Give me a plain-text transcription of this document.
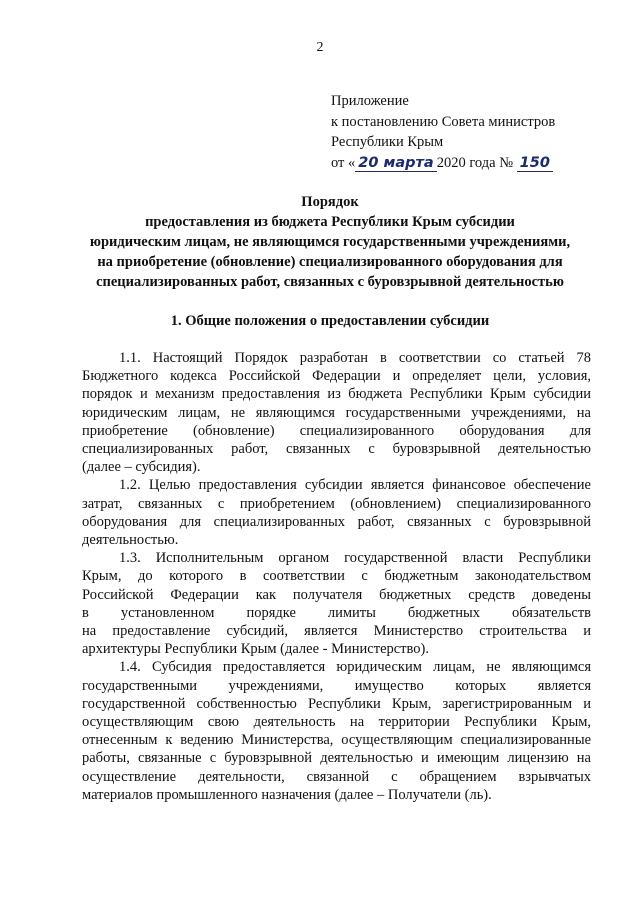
2
Приложение
к постановлению Совета министров
Республики Крым
от « 20 марта 2020 года № 150
Порядок
предоставления из бюджета Республики Крым субсидии
юридическим лицам, не являющимся государственными учреждениями,
на приобретение (обновление) специализированного оборудования для
специализированных работ, связанных с буровзрывной деятельностью
1. Общие положения о предоставлении субсидии
1.1. Настоящий Порядок разработан в соответствии со статьей 78
Бюджетного кодекса Российской Федерации и определяет цели, условия,
порядок и механизм предоставления из бюджета Республики Крым субсидии
юридическим лицам, не являющимся государственными учреждениями, на
приобретение (обновление) специализированного оборудования для
специализированных работ, связанных с буровзрывной деятельностью
(далее – субсидия).
1.2. Целью предоставления субсидии является финансовое обеспечение
затрат, связанных с приобретением (обновлением) специализированного
оборудования для специализированных работ, связанных с буровзрывной
деятельностью.
1.3. Исполнительным органом государственной власти Республики
Крым, до которого в соответствии с бюджетным законодательством
Российской Федерации как получателя бюджетных средств доведены
в установленном порядке лимиты бюджетных обязательств
на предоставление субсидий, является Министерство строительства и
архитектуры Республики Крым (далее - Министерство).
1.4. Субсидия предоставляется юридическим лицам, не являющимся
государственными учреждениями, имущество которых является
государственной собственностью Республики Крым, зарегистрированным и
осуществляющим свою деятельность на территории Республики Крым,
отнесенным к ведению Министерства, осуществляющим специализированные
работы, связанные с буровзрывной деятельностью и имеющим лицензию на
осуществление деятельности, связанной с обращением взрывчатых
материалов промышленного назначения (далее – Получатели (ль).
